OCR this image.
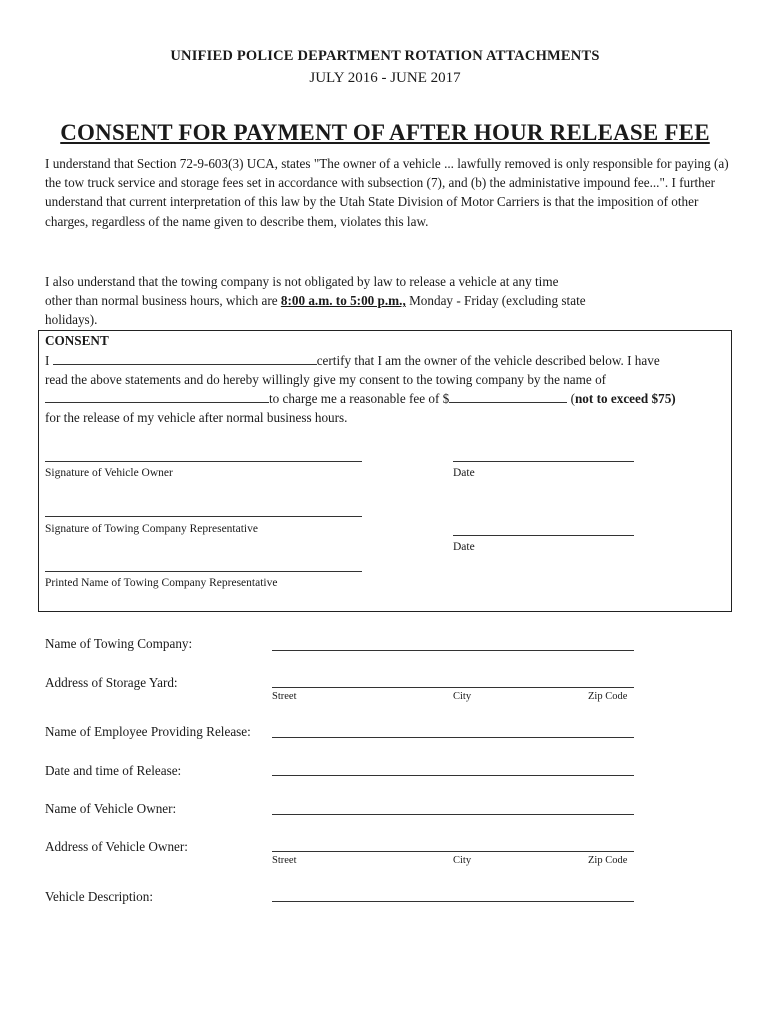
UNIFIED POLICE DEPARTMENT ROTATION ATTACHMENTS
JULY 2016 - JUNE 2017
CONSENT FOR PAYMENT OF AFTER HOUR RELEASE FEE
I understand that Section 72-9-603(3) UCA, states "The owner of a vehicle ... lawfully removed is only responsible for paying (a) the tow truck service and storage fees set in accordance with subsection (7), and (b) the administative impound fee...". I further understand that current interpretation of this law by the Utah State Division of Motor Carriers is that the imposition of other charges, regardless of the name given to describe them, violates this law.
I also understand that the towing company is not obligated by law to release a vehicle at any time
other than normal business hours, which are 8:00 a.m. to 5:00 p.m., Monday - Friday (excluding state
holidays).
CONSENT
I	certify that I am the owner of the vehicle described below. I have
read the above statements and do hereby willingly give my consent to the towing company by the name of
to charge me a reasonable fee of $	(not to exceed $75)
for the release of my vehicle after normal business hours.
Signature of Vehicle Owner	Date
Signature of Towing Company Representative
Date
Printed Name of Towing Company Representative
Name of Towing Company:
Address of Storage Yard:
Street	City	Zip Code
Name of Employee Providing Release:
Date and time of Release:
Name of Vehicle Owner:
Address of Vehicle Owner:
Street	City	Zip Code
Vehicle Description:
